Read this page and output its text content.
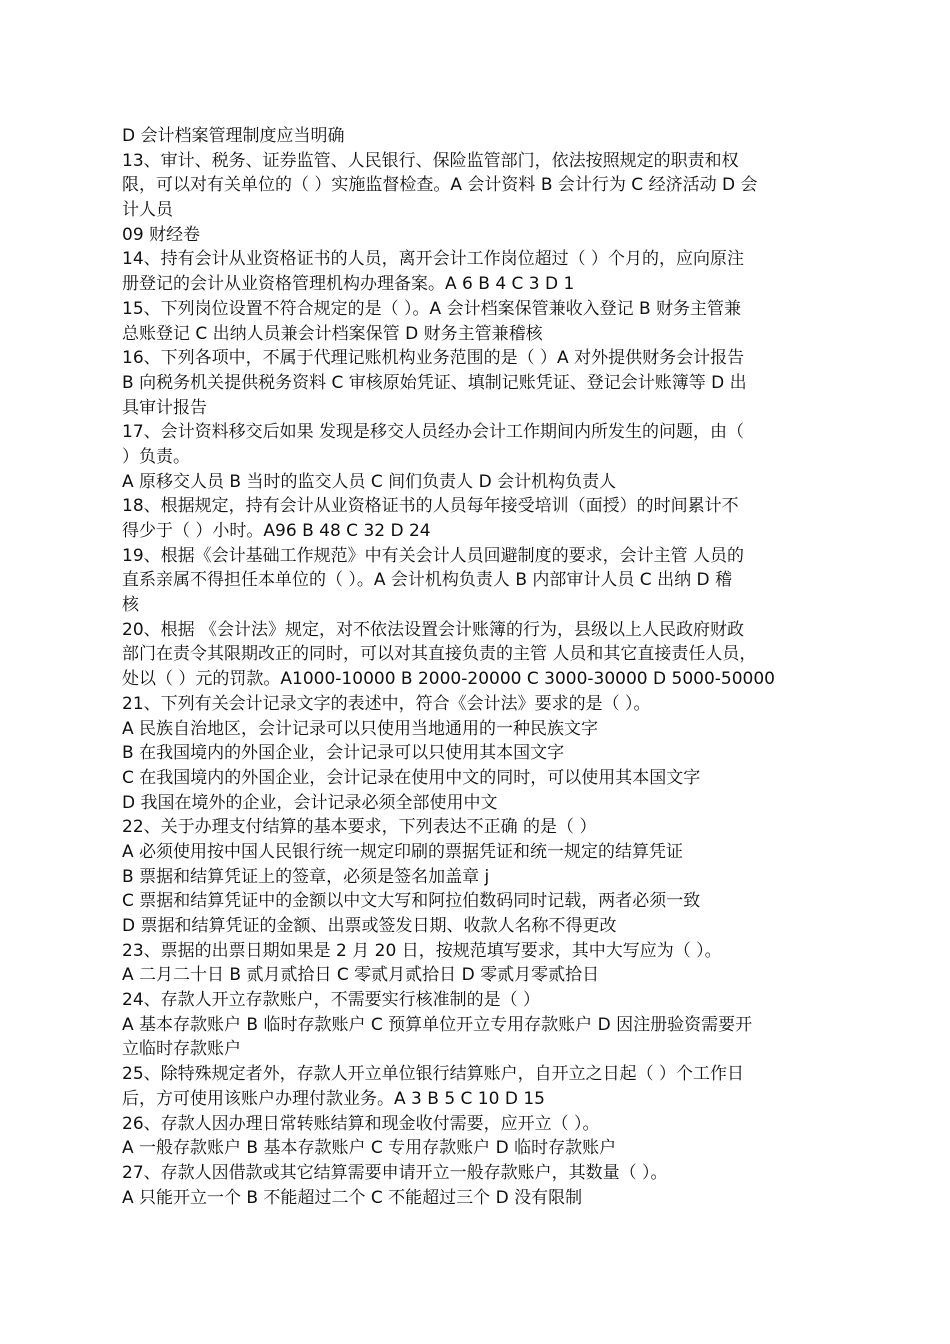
D 会计档案管理制度应当明确
13、审计、税务、证券监管、人民银行、保险监管部门，依法按照规定的职责和权
限，可以对有关单位的（ ）实施监督检查。A 会计资料 B 会计行为 C 经济活动 D 会
计人员
09 财经卷
14、持有会计从业资格证书的人员，离开会计工作岗位超过（ ）个月的，应向原注
册登记的会计从业资格管理机构办理备案。A 6 B 4 C 3 D 1
15、下列岗位设置不符合规定的是（ ）。A 会计档案保管兼收入登记 B 财务主管兼
总账登记 C 出纳人员兼会计档案保管 D 财务主管兼稽核
16、下列各项中，不属于代理记账机构业务范围的是（ ）A 对外提供财务会计报告
B 向税务机关提供税务资料 C 审核原始凭证、填制记账凭证、登记会计账簿等 D 出
具审计报告
17、会计资料移交后如果 发现是移交人员经办会计工作期间内所发生的问题，由（
）负责。
A 原移交人员 B 当时的监交人员 C 间们负责人 D 会计机构负责人
18、根据规定，持有会计从业资格证书的人员每年接受培训（面授）的时间累计不
得少于（ ）小时。A96 B 48 C 32 D 24
19、根据《会计基础工作规范》中有关会计人员回避制度的要求，会计主管 人员的
直系亲属不得担任本单位的（ ）。A 会计机构负责人 B 内部审计人员 C 出纳 D 稽
核
20、根据 《会计法》规定，对不依法设置会计账簿的行为，县级以上人民政府财政
部门在责令其限期改正的同时，可以对其直接负责的主管 人员和其它直接责任人员，
处以（ ）元的罚款。A1000-10000 B 2000-20000 C 3000-30000 D 5000-50000
21、下列有关会计记录文字的表述中，符合《会计法》要求的是（ ）。
A 民族自治地区，会计记录可以只使用当地通用的一种民族文字
B 在我国境内的外国企业，会计记录可以只使用其本国文字
C 在我国境内的外国企业，会计记录在使用中文的同时，可以使用其本国文字
D 我国在境外的企业，会计记录必须全部使用中文
22、关于办理支付结算的基本要求，下列表达不正确 的是（ ）
A 必须使用按中国人民银行统一规定印刷的票据凭证和统一规定的结算凭证
B 票据和结算凭证上的签章，必须是签名加盖章 j
C 票据和结算凭证中的金额以中文大写和阿拉伯数码同时记载，两者必须一致
D 票据和结算凭证的金额、出票或签发日期、收款人名称不得更改
23、票据的出票日期如果是 2 月 20 日，按规范填写要求，其中大写应为（ ）。
A 二月二十日 B 贰月贰拾日 C 零贰月贰拾日 D 零贰月零贰拾日
24、存款人开立存款账户，不需要实行核准制的是（ ）
A 基本存款账户 B 临时存款账户 C 预算单位开立专用存款账户 D 因注册验资需要开
立临时存款账户
25、除特殊规定者外，存款人开立单位银行结算账户，自开立之日起（ ）个工作日
后，方可使用该账户办理付款业务。A 3 B 5 C 10 D 15
26、存款人因办理日常转账结算和现金收付需要，应开立（ ）。
A 一般存款账户 B 基本存款账户 C 专用存款账户 D 临时存款账户
27、存款人因借款或其它结算需要申请开立一般存款账户，其数量（ ）。
A 只能开立一个 B 不能超过二个 C 不能超过三个 D 没有限制
